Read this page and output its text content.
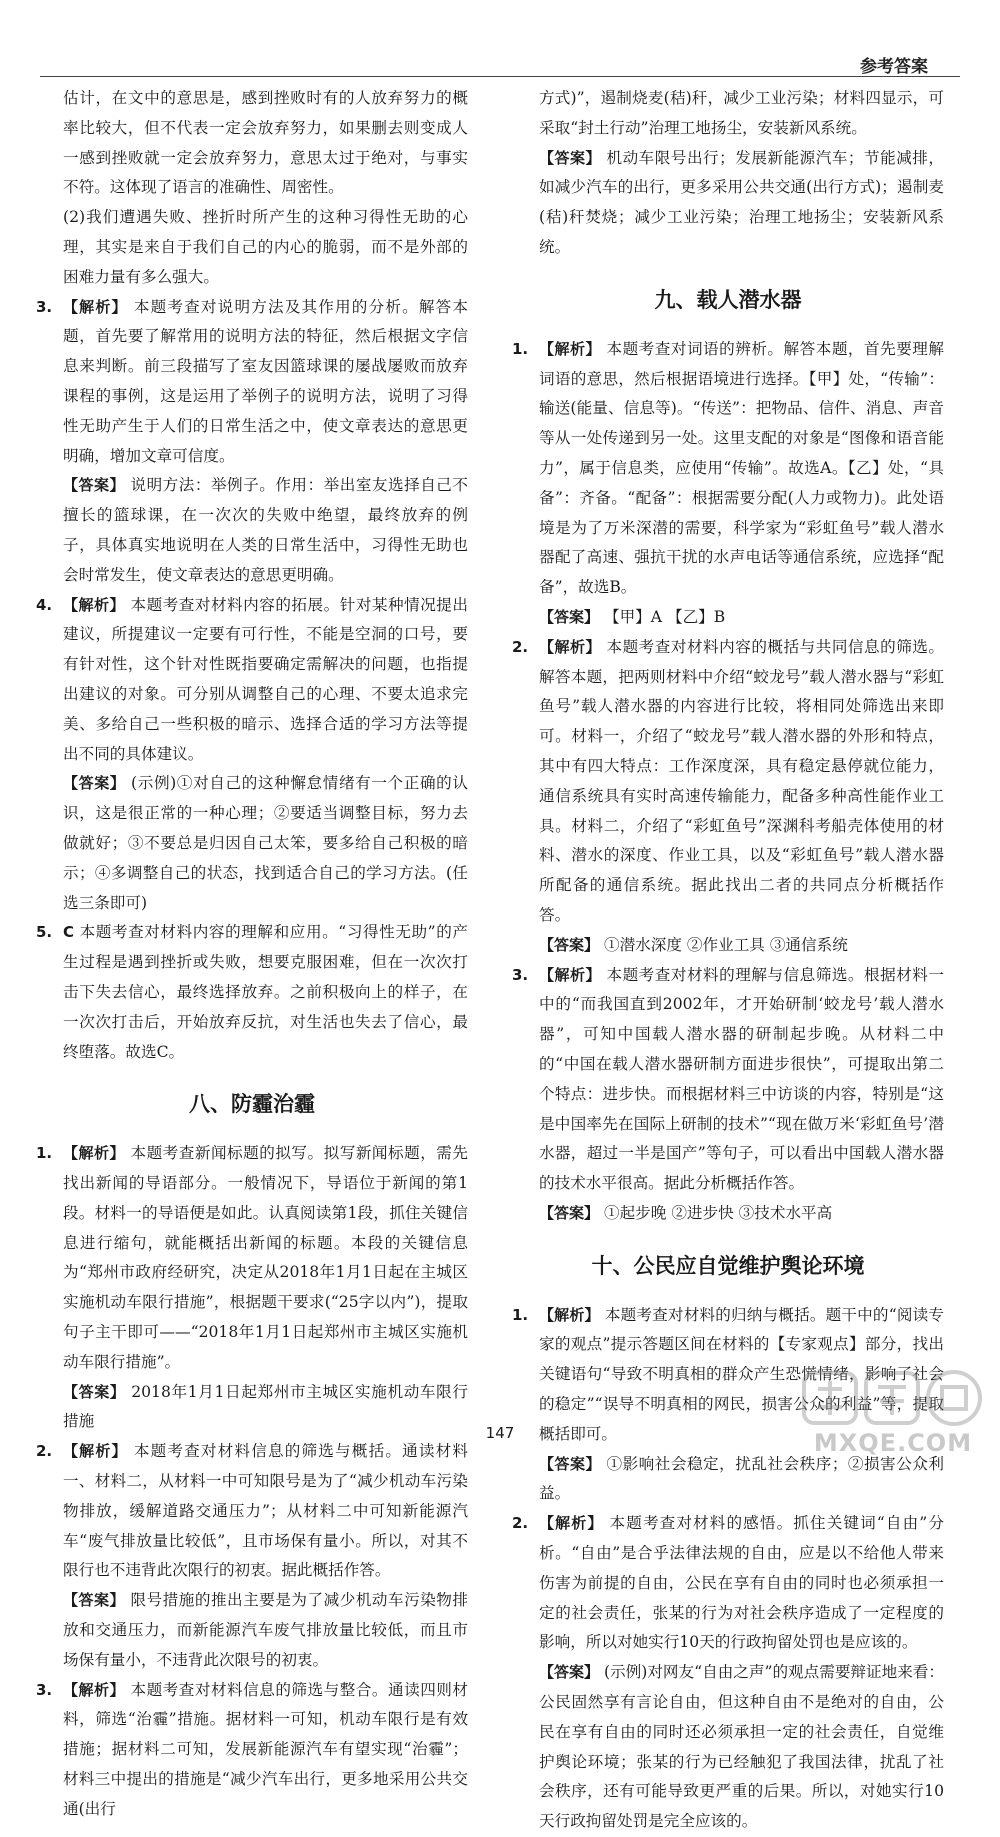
参考答案

估计，在文中的意思是，感到挫败时有的人放弃努力的概率比较大，但不代表一定会放弃努力，如果删去则变成人一感到挫败就一定会放弃努力，意思太过于绝对，与事实不符。这体现了语言的准确性、周密性。

(2)我们遭遇失败、挫折时所产生的这种习得性无助的心理，其实是来自于我们自己的内心的脆弱，而不是外部的困难力量有多么强大。

3. 【解析】 本题考查对说明方法及其作用的分析。解答本题，首先要了解常用的说明方法的特征，然后根据文字信息来判断。前三段描写了室友因篮球课的屡战屡败而放弃课程的事例，这是运用了举例子的说明方法，说明了习得性无助产生于人们的日常生活之中，使文章表达的意思更明确，增加文章可信度。
【答案】 说明方法：举例子。作用：举出室友选择自己不擅长的篮球课，在一次次的失败中绝望，最终放弃的例子，具体真实地说明在人类的日常生活中，习得性无助也会时常发生，使文章表达的意思更明确。
4. 【解析】 本题考查对材料内容的拓展。针对某种情况提出建议，所提建议一定要有可行性，不能是空洞的口号，要有针对性，这个针对性既指要确定需解决的问题，也指提出建议的对象。可分别从调整自己的心理、不要太追求完美、多给自己一些积极的暗示、选择合适的学习方法等提出不同的具体建议。
【答案】 (示例)①对自己的这种懈怠情绪有一个正确的认识，这是很正常的一种心理；②要适当调整目标，努力去做就好；③不要总是归因自己太笨，要多给自己积极的暗示；④多调整自己的状态，找到适合自己的学习方法。(任选三条即可)
5. C 本题考查对材料内容的理解和应用。“习得性无助”的产生过程是遇到挫折或失败，想要克服困难，但在一次次打击下失去信心，最终选择放弃。之前积极向上的样子，在一次次打击后，开始放弃反抗，对生活也失去了信心，最终堕落。故选C。
八、防霾治霾
1. 【解析】 本题考查新闻标题的拟写。拟写新闻标题，需先找出新闻的导语部分。一般情况下，导语位于新闻的第1段。材料一的导语便是如此。认真阅读第1段，抓住关键信息进行缩句，就能概括出新闻的标题。本段的关键信息为“郑州市政府经研究，决定从2018年1月1日起在主城区实施机动车限行措施”，根据题干要求(“25字以内”)，提取句子主干即可——“2018年1月1日起郑州市主城区实施机动车限行措施”。
【答案】 2018年1月1日起郑州市主城区实施机动车限行措施
2. 【解析】 本题考查对材料信息的筛选与概括。通读材料一、材料二，从材料一中可知限号是为了“减少机动车污染物排放，缓解道路交通压力”；从材料二中可知新能源汽车“废气排放量比较低”，且市场保有量小。所以，对其不限行也不违背此次限行的初衷。据此概括作答。
【答案】 限号措施的推出主要是为了减少机动车污染物排放和交通压力，而新能源汽车废气排放量比较低，而且市场保有量小，不违背此次限号的初衷。
3. 【解析】 本题考查对材料信息的筛选与整合。通读四则材料，筛选“治霾”措施。据材料一可知，机动车限行是有效措施；据材料二可知，发展新能源汽车有望实现“治霾”；材料三中提出的措施是“减少汽车出行，更多地采用公共交通(出行

方式)”，遏制烧麦(秸)秆，减少工业污染；材料四显示，可采取“封土行动”治理工地扬尘，安装新风系统。

【答案】 机动车限号出行；发展新能源汽车；节能减排，如减少汽车的出行，更多采用公共交通(出行方式)；遏制麦(秸)秆焚烧；减少工业污染；治理工地扬尘；安装新风系统。
九、载人潜水器
1. 【解析】 本题考查对词语的辨析。解答本题，首先要理解词语的意思，然后根据语境进行选择。【甲】处，“传输”：输送(能量、信息等)。“传送”：把物品、信件、消息、声音等从一处传递到另一处。这里支配的对象是“图像和语音能力”，属于信息类，应使用“传输”。故选A。【乙】处，“具备”：齐备。“配备”：根据需要分配(人力或物力)。此处语境是为了万米深潜的需要，科学家为“彩虹鱼号”载人潜水器配了高速、强抗干扰的水声电话等通信系统，应选择“配备”，故选B。
【答案】 【甲】A 【乙】B
2. 【解析】 本题考查对材料内容的概括与共同信息的筛选。解答本题，把两则材料中介绍“蛟龙号”载人潜水器与“彩虹鱼号”载人潜水器的内容进行比较，将相同处筛选出来即可。材料一，介绍了“蛟龙号”载人潜水器的外形和特点，其中有四大特点：工作深度深，具有稳定悬停就位能力，通信系统具有实时高速传输能力，配备多种高性能作业工具。材料二，介绍了“彩虹鱼号”深渊科考船壳体使用的材料、潜水的深度、作业工具，以及“彩虹鱼号”载人潜水器所配备的通信系统。据此找出二者的共同点分析概括作答。
【答案】 ①潜水深度 ②作业工具 ③通信系统
3. 【解析】 本题考查对材料的理解与信息筛选。根据材料一中的“而我国直到2002年，才开始研制‘蛟龙号’载人潜水器”，可知中国载人潜水器的研制起步晚。从材料二中的“中国在载人潜水器研制方面进步很快”，可提取出第二个特点：进步快。而根据材料三中访谈的内容，特别是“这是中国率先在国际上研制的技术”“现在做万米‘彩虹鱼号’潜水器，超过一半是国产”等句子，可以看出中国载人潜水器的技术水平很高。据此分析概括作答。
【答案】 ①起步晚 ②进步快 ③技术水平高
十、公民应自觉维护舆论环境
1. 【解析】 本题考查对材料的归纳与概括。题干中的“阅读专家的观点”提示答题区间在材料的【专家观点】部分，找出关键语句“导致不明真相的群众产生恐慌情绪，影响了社会的稳定”“误导不明真相的网民，损害公众的利益”等，提取概括即可。
【答案】 ①影响社会稳定，扰乱社会秩序；②损害公众利益。
2. 【解析】 本题考查对材料的感悟。抓住关键词“自由”分析。“自由”是合乎法律法规的自由，应是以不给他人带来伤害为前提的自由，公民在享有自由的同时也必须承担一定的社会责任，张某的行为对社会秩序造成了一定程度的影响，所以对她实行10天的行政拘留处罚也是应该的。
【答案】 (示例)对网友“自由之声”的观点需要辩证地来看：公民固然享有言论自由，但这种自由不是绝对的自由，公民在享有自由的同时还必须承担一定的社会责任，自觉维护舆论环境；张某的行为已经触犯了我国法律，扰乱了社会秩序，还有可能导致更严重的后果。所以，对她实行10天行政拘留处罚是完全应该的。
147	MXQE.COM
